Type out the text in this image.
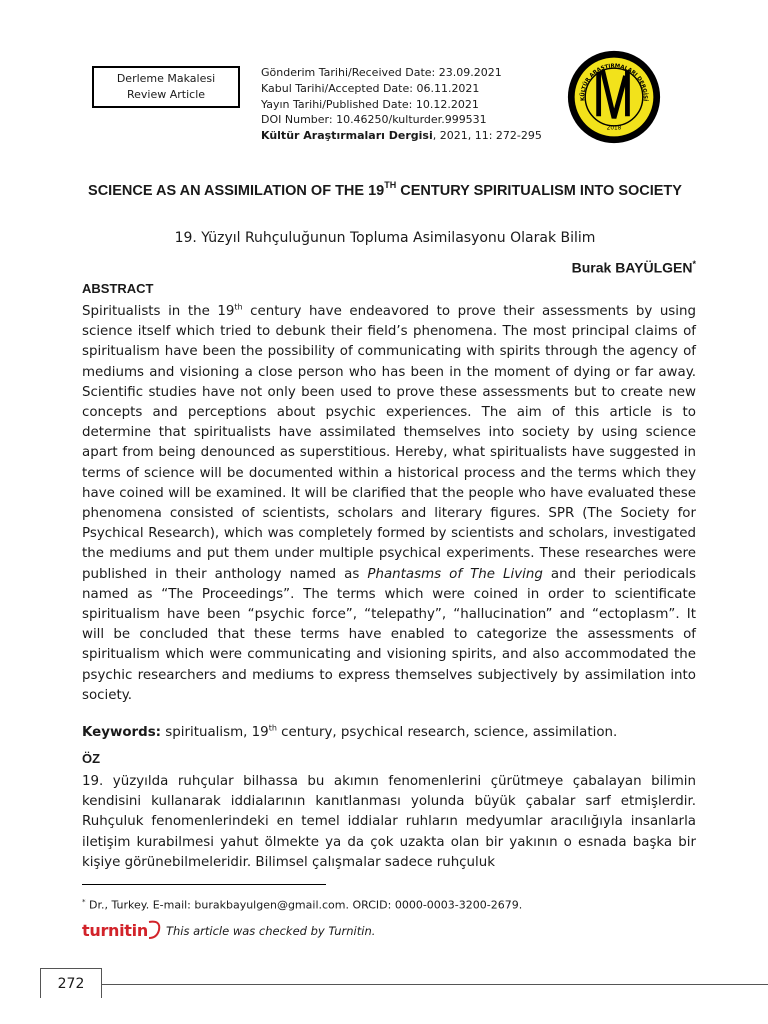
Derleme Makalesi
Review Article
Gönderim Tarihi/Received Date: 23.09.2021
Kabul Tarihi/Accepted Date: 06.11.2021
Yayın Tarihi/Published Date: 10.12.2021
DOI Number: 10.46250/kulturder.999531
Kültür Araştırmaları Dergisi, 2021, 11: 272-295
KÜLTÜR ARAŞTIRMALARI DERGİSİ
2018
SCIENCE AS AN ASSIMILATION OF THE 19TH CENTURY SPIRITUALISM INTO SOCIETY
19. Yüzyıl Ruhçuluğunun Topluma Asimilasyonu Olarak Bilim
Burak BAYÜLGEN*
ABSTRACT
Spiritualists in the 19th century have endeavored to prove their assessments by using science itself which tried to debunk their field’s phenomena. The most principal claims of spiritualism have been the possibility of communicating with spirits through the agency of mediums and visioning a close person who has been in the moment of dying or far away. Scientific studies have not only been used to prove these assessments but to create new concepts and perceptions about psychic experiences. The aim of this article is to determine that spiritualists have assimilated themselves into society by using science apart from being denounced as superstitious. Hereby, what spiritualists have suggested in terms of science will be documented within a historical process and the terms which they have coined will be examined. It will be clarified that the people who have evaluated these phenomena consisted of scientists, scholars and literary figures. SPR (The Society for Psychical Research), which was completely formed by scientists and scholars, investigated the mediums and put them under multiple psychical experiments. These researches were published in their anthology named as Phantasms of The Living and their periodicals named as “The Proceedings”. The terms which were coined in order to scientificate spiritualism have been “psychic force”, “telepathy”, “hallucination” and “ectoplasm”. It will be concluded that these terms have enabled to categorize the assessments of spiritualism which were communicating and visioning spirits, and also accommodated the psychic researchers and mediums to express themselves subjectively by assimilation into society.
Keywords: spiritualism, 19th century, psychical research, science, assimilation.
ÖZ
19. yüzyılda ruhçular bilhassa bu akımın fenomenlerini çürütmeye çabalayan bilimin kendisini kullanarak iddialarının kanıtlanması yolunda büyük çabalar sarf etmişlerdir. Ruhçuluk fenomenlerindeki en temel iddialar ruhların medyumlar aracılığıyla insanlarla iletişim kurabilmesi yahut ölmekte ya da çok uzakta olan bir yakının o esnada başka bir kişiye görünebilmeleridir. Bilimsel çalışmalar sadece ruhçuluk
* Dr., Turkey. E-mail: burakbayulgen@gmail.com. ORCID: 0000-0003-3200-2679.
turnitin This article was checked by Turnitin.
272
